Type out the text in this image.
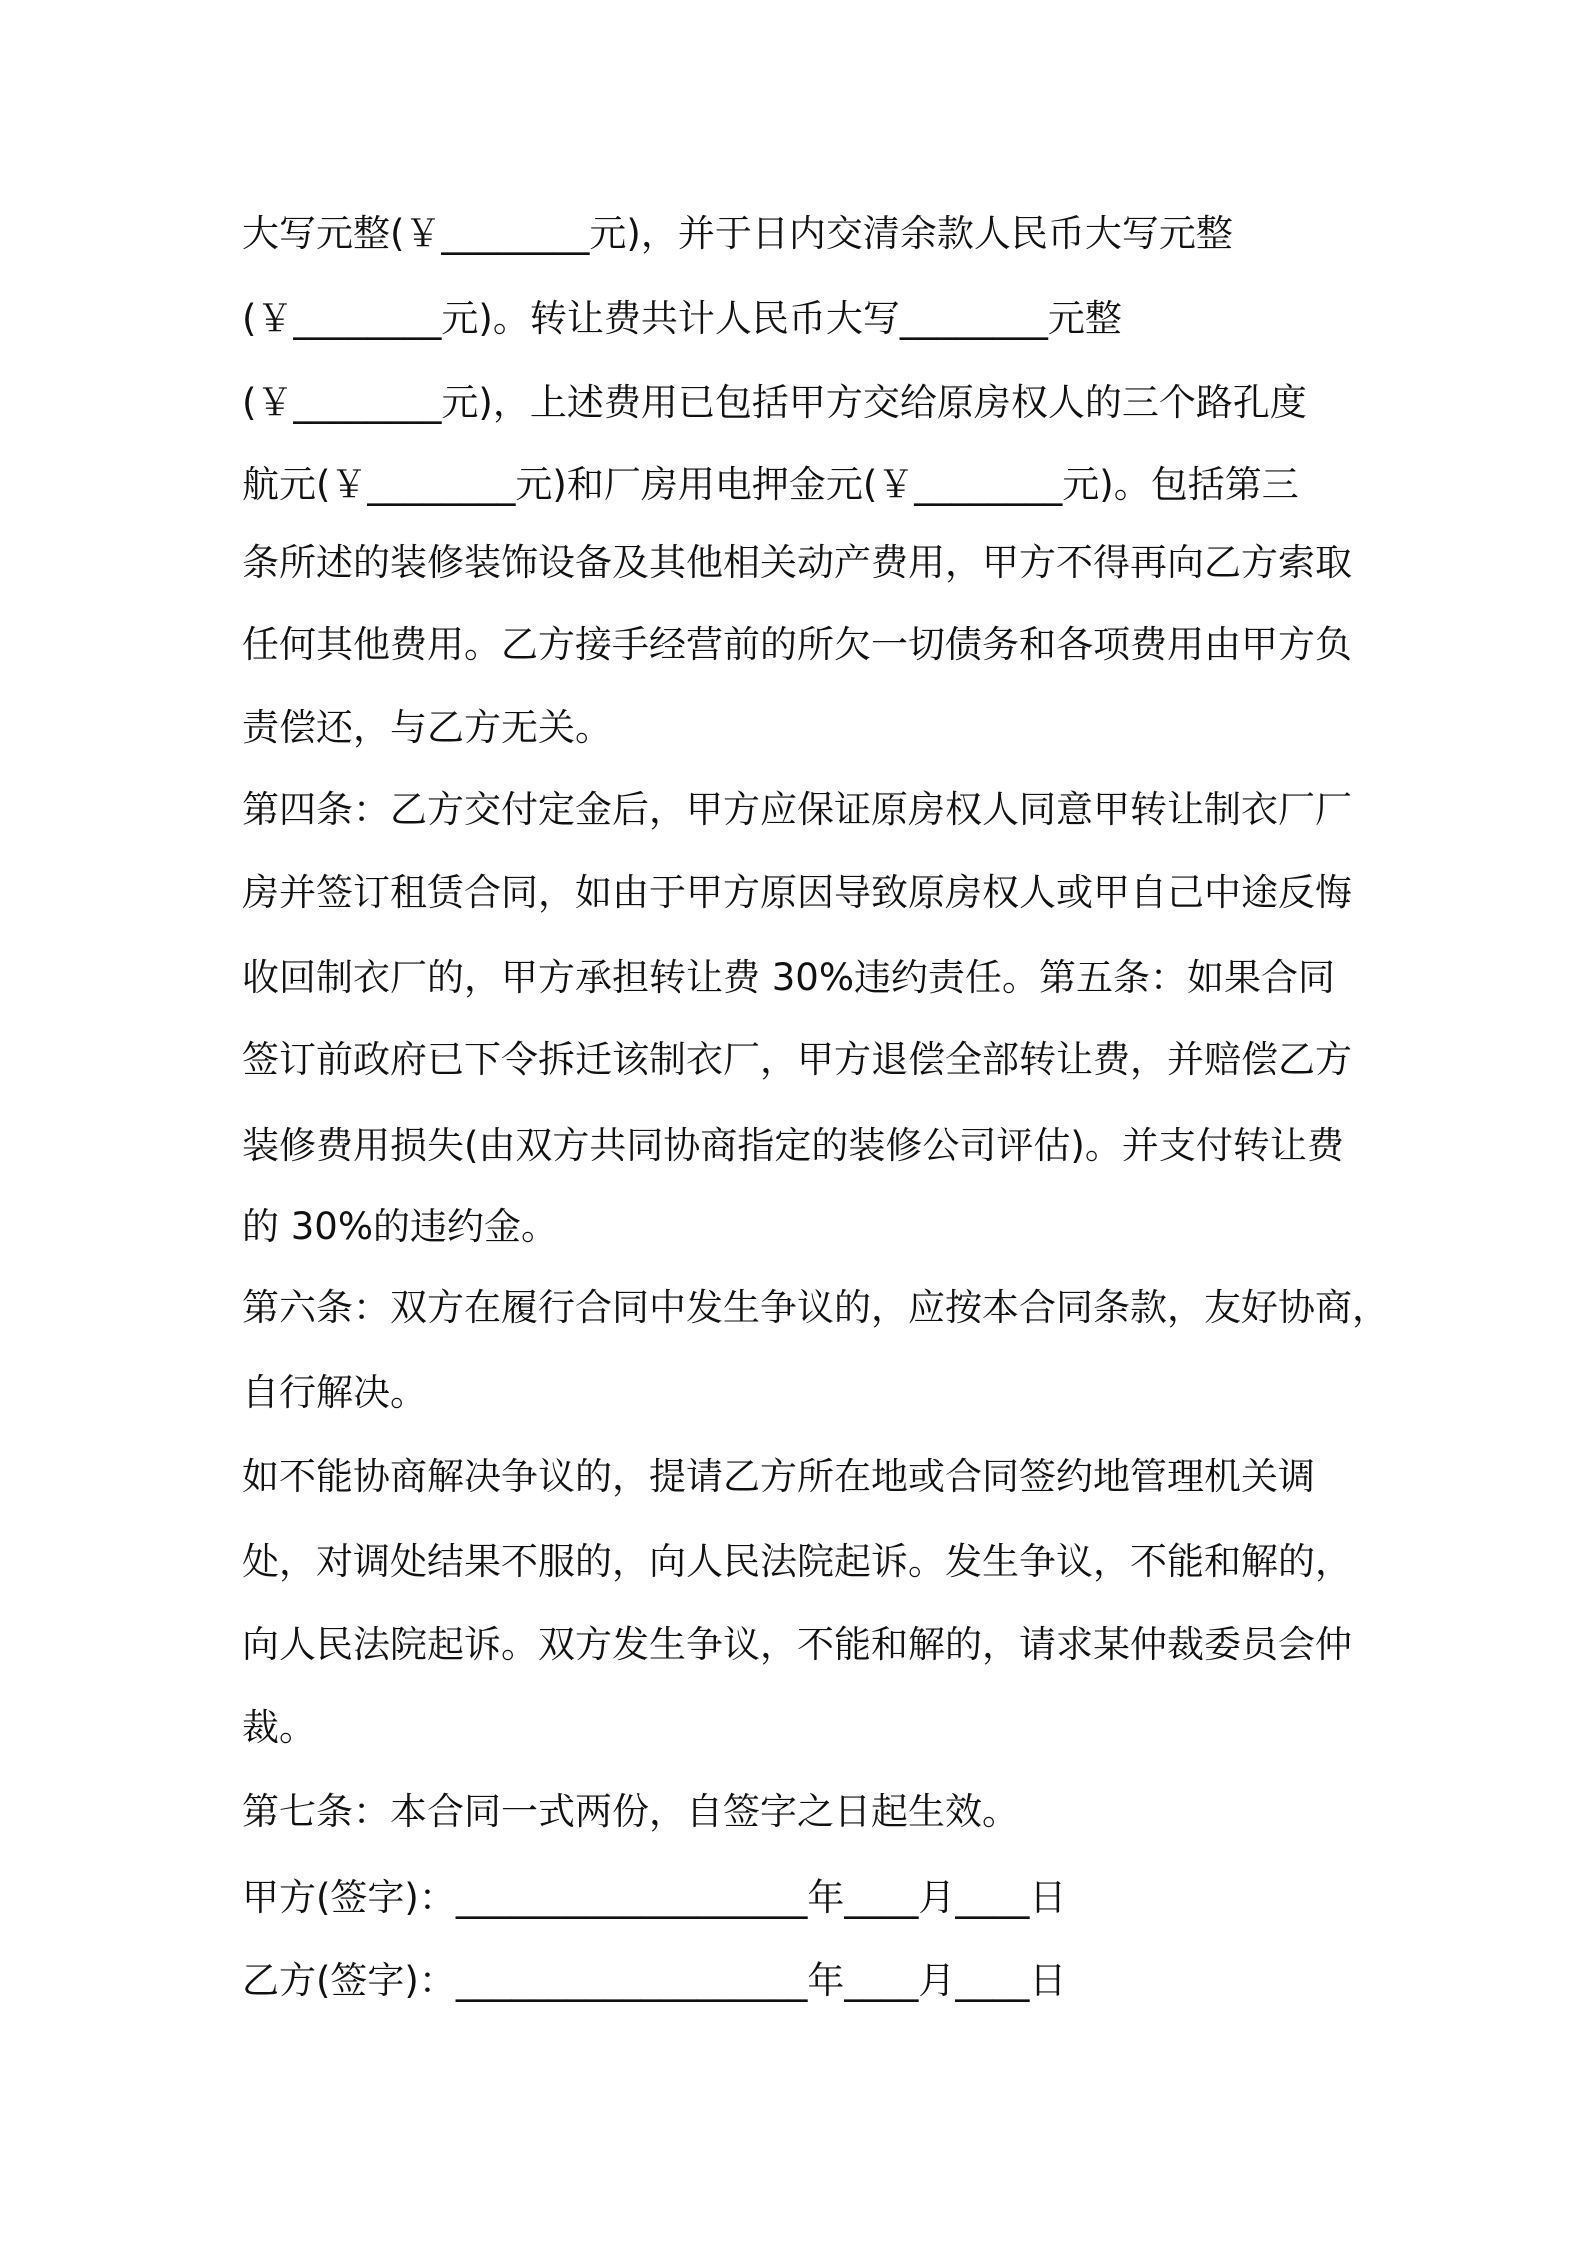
大写元整(￥________元)，并于日内交清余款人民币大写元整
(￥________元)。转让费共计人民币大写________元整
(￥________元)，上述费用已包括甲方交给原房权人的三个路孔度
航元(￥________元)和厂房用电押金元(￥________元)。包括第三
条所述的装修装饰设备及其他相关动产费用，甲方不得再向乙方索取
任何其他费用。乙方接手经营前的所欠一切债务和各项费用由甲方负
责偿还，与乙方无关。
第四条：乙方交付定金后，甲方应保证原房权人同意甲转让制衣厂厂
房并签订租赁合同，如由于甲方原因导致原房权人或甲自己中途反悔
收回制衣厂的，甲方承担转让费 30%违约责任。第五条：如果合同
签订前政府已下令拆迁该制衣厂，甲方退偿全部转让费，并赔偿乙方
装修费用损失(由双方共同协商指定的装修公司评估)。并支付转让费
的 30%的违约金。
第六条：双方在履行合同中发生争议的，应按本合同条款，友好协商，
自行解决。
如不能协商解决争议的，提请乙方所在地或合同签约地管理机关调
处，对调处结果不服的，向人民法院起诉。发生争议，不能和解的，
向人民法院起诉。双方发生争议，不能和解的，请求某仲裁委员会仲
裁。
第七条：本合同一式两份，自签字之日起生效。
甲方(签字)：___________________年____月____日
乙方(签字)：___________________年____月____日
